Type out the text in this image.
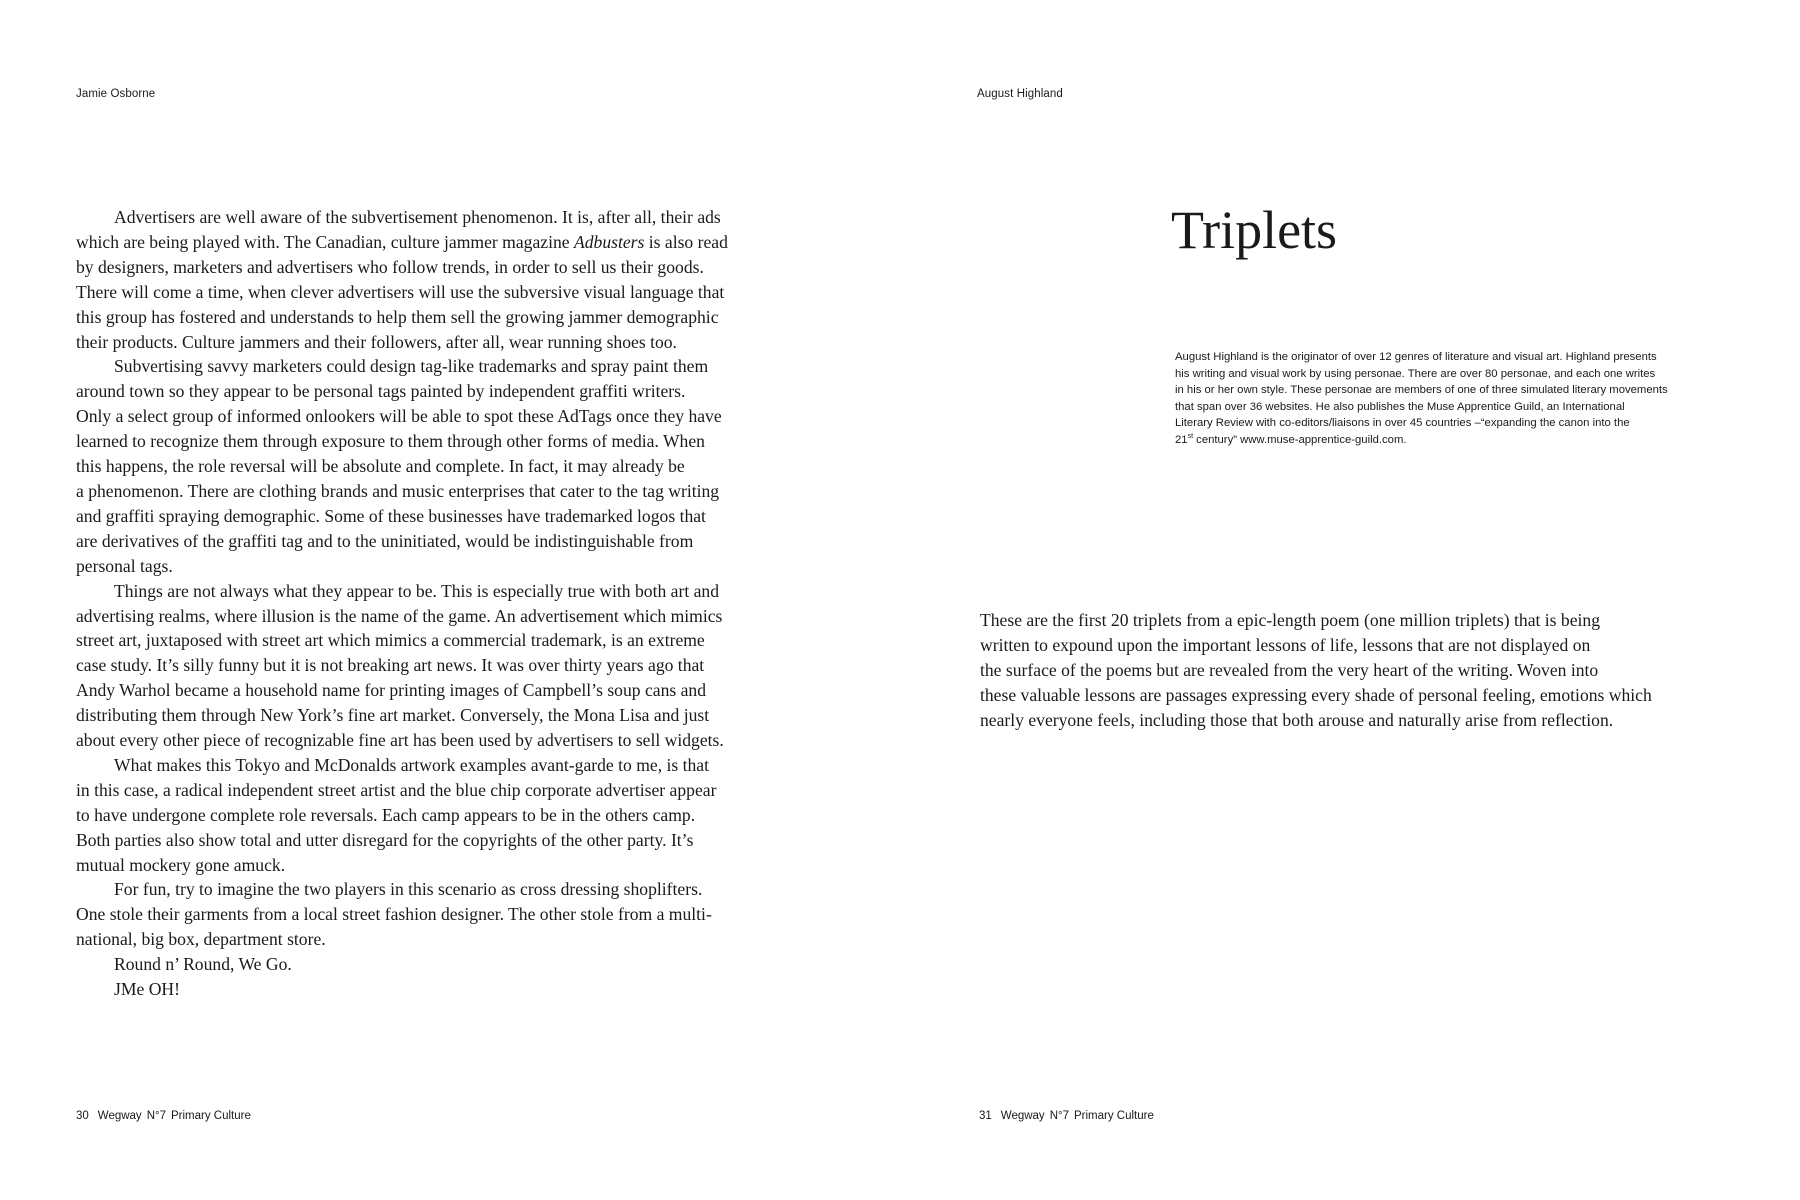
Jamie Osborne
Advertisers are well aware of the subvertisement phenomenon. It is, after all, their ads
which are being played with. The Canadian, culture jammer magazine Adbusters is also read
by designers, marketers and advertisers who follow trends, in order to sell us their goods.
There will come a time, when clever advertisers will use the subversive visual language that
this group has fostered and understands to help them sell the growing jammer demographic
their products. Culture jammers and their followers, after all, wear running shoes too.
Subvertising savvy marketers could design tag-like trademarks and spray paint them
around town so they appear to be personal tags painted by independent graffiti writers.
Only a select group of informed onlookers will be able to spot these AdTags once they have
learned to recognize them through exposure to them through other forms of media. When
this happens, the role reversal will be absolute and complete. In fact, it may already be
a phenomenon. There are clothing brands and music enterprises that cater to the tag writing
and graffiti spraying demographic. Some of these businesses have trademarked logos that
are derivatives of the graffiti tag and to the uninitiated, would be indistinguishable from
personal tags.
Things are not always what they appear to be. This is especially true with both art and
advertising realms, where illusion is the name of the game. An advertisement which mimics
street art, juxtaposed with street art which mimics a commercial trademark, is an extreme
case study. It’s silly funny but it is not breaking art news. It was over thirty years ago that
Andy Warhol became a household name for printing images of Campbell’s soup cans and
distributing them through New York’s fine art market. Conversely, the Mona Lisa and just
about every other piece of recognizable fine art has been used by advertisers to sell widgets.
What makes this Tokyo and McDonalds artwork examples avant-garde to me, is that
in this case, a radical independent street artist and the blue chip corporate advertiser appear
to have undergone complete role reversals. Each camp appears to be in the others camp.
Both parties also show total and utter disregard for the copyrights of the other party. It’s
mutual mockery gone amuck.
For fun, try to imagine the two players in this scenario as cross dressing shoplifters.
One stole their garments from a local street fashion designer. The other stole from a multi-
national, big box, department store.
Round n’ Round, We Go.
JMe OH!
30 Wegway N°7 Primary Culture
August Highland
Triplets
August Highland is the originator of over 12 genres of literature and visual art. Highland presents
his writing and visual work by using personae. There are over 80 personae, and each one writes
in his or her own style. These personae are members of one of three simulated literary movements
that span over 36 websites. He also publishes the Muse Apprentice Guild, an International
Literary Review with co-editors/liaisons in over 45 countries –“expanding the canon into the
21st century” www.muse-apprentice-guild.com.
These are the first 20 triplets from a epic-length poem (one million triplets) that is being
written to expound upon the important lessons of life, lessons that are not displayed on
the surface of the poems but are revealed from the very heart of the writing. Woven into
these valuable lessons are passages expressing every shade of personal feeling, emotions which
nearly everyone feels, including those that both arouse and naturally arise from reflection.
31 Wegway N°7 Primary Culture
